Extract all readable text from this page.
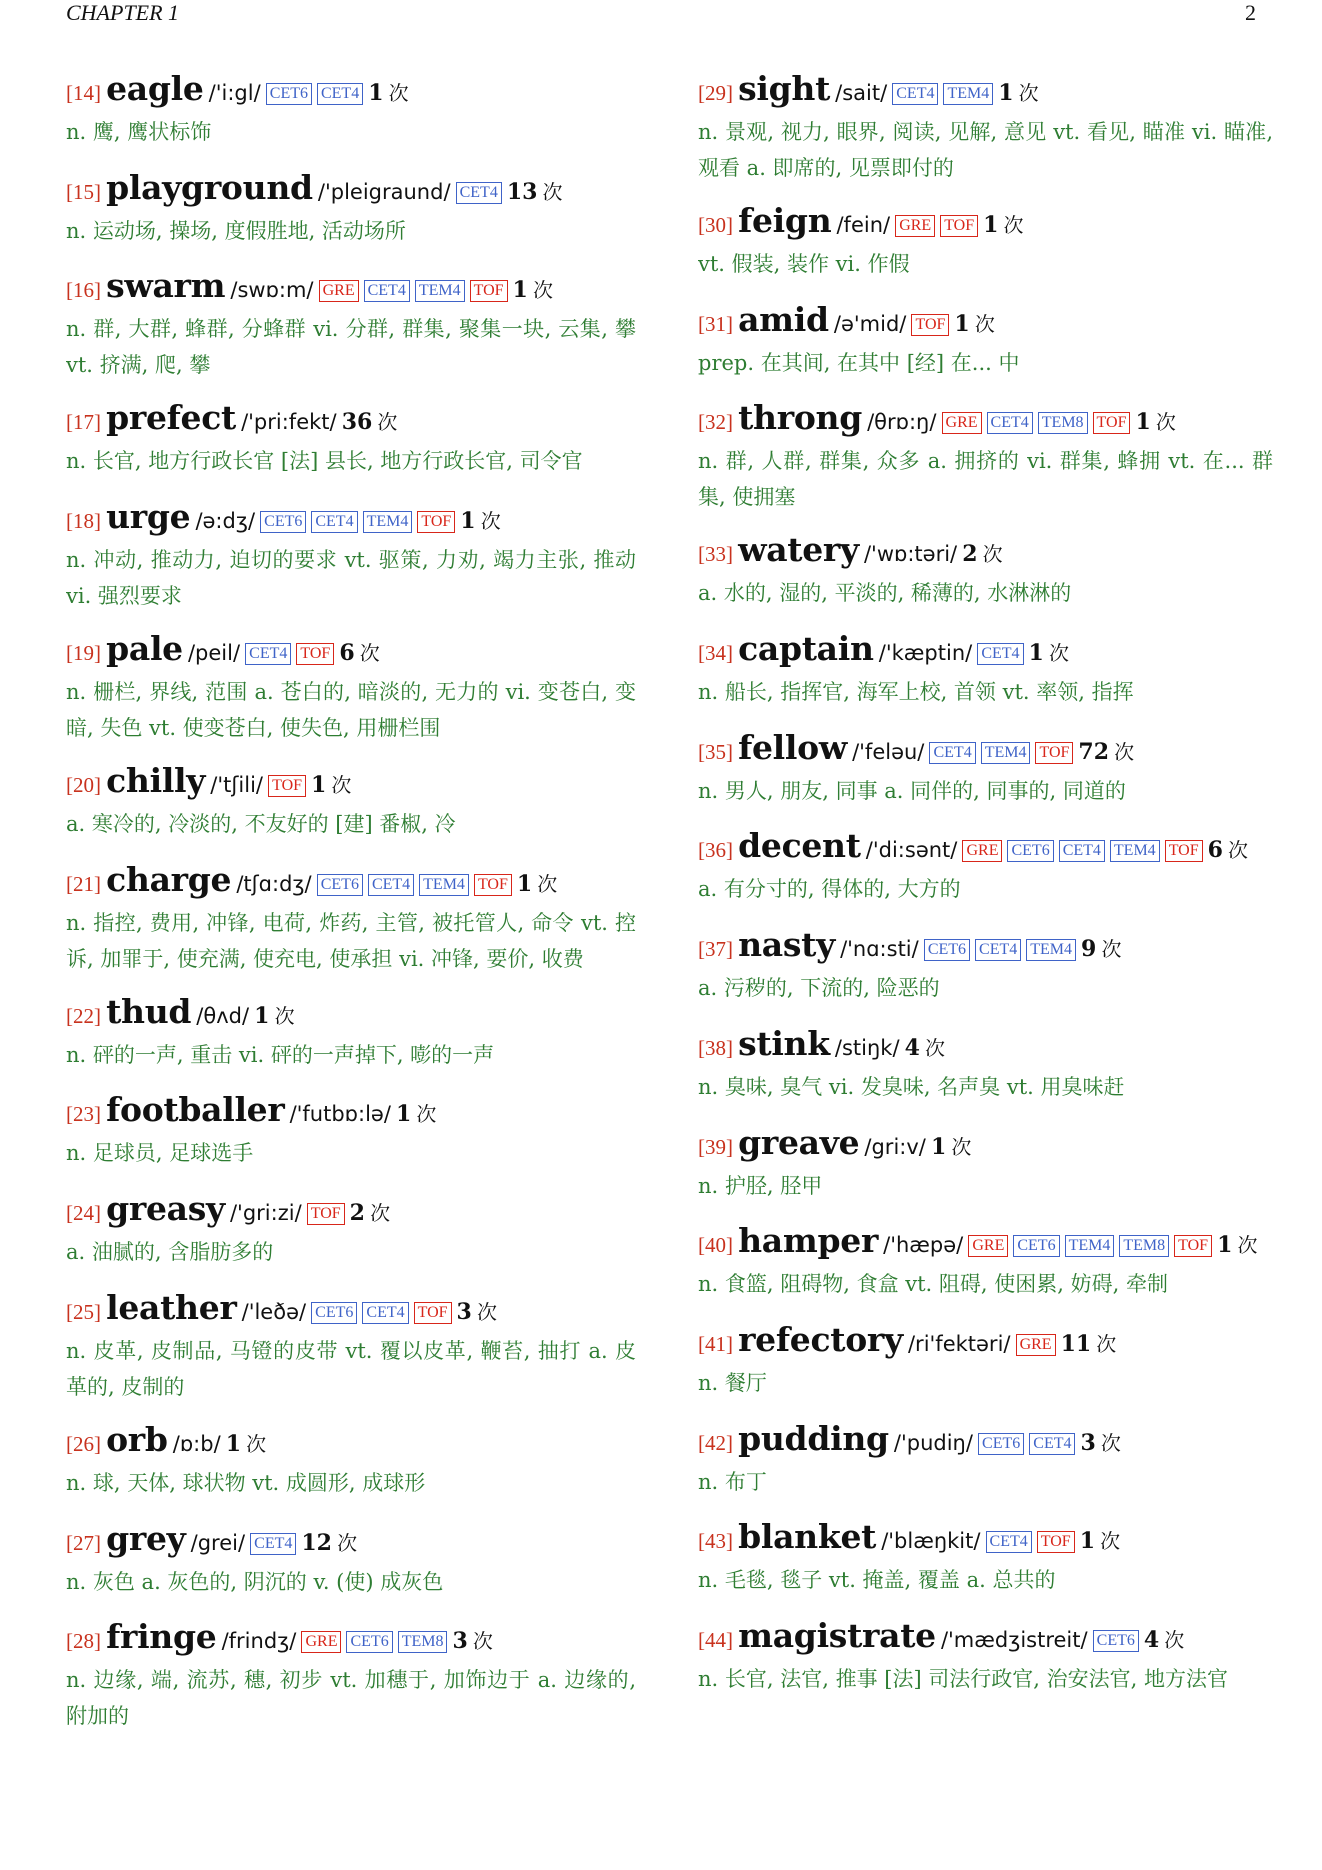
CHAPTER 1	2
[14] eagle /'i:gl/ CET6 CET4 1 次
n. 鹰, 鹰状标饰
[15] playground /'pleigraund/ CET4 13 次
n. 运动场, 操场, 度假胜地, 活动场所
[16] swarm /swɒ:m/ GRE CET4 TEM4 TOF 1 次
n. 群, 大群, 蜂群, 分蜂群 vi. 分群, 群集, 聚集一块, 云集, 攀 vt. 挤满, 爬, 攀
[17] prefect /'pri:fekt/ 36 次
n. 长官, 地方行政长官 [法] 县长, 地方行政长官, 司令官
[18] urge /ə:dʒ/ CET6 CET4 TEM4 TOF 1 次
n. 冲动, 推动力, 迫切的要求 vt. 驱策, 力劝, 竭力主张, 推动 vi. 强烈要求
[19] pale /peil/ CET4 TOF 6 次
n. 栅栏, 界线, 范围 a. 苍白的, 暗淡的, 无力的 vi. 变苍白, 变暗, 失色 vt. 使变苍白, 使失色, 用栅栏围
[20] chilly /'tʃili/ TOF 1 次
a. 寒冷的, 冷淡的, 不友好的 [建] 番椒, 冷
[21] charge /tʃɑ:dʒ/ CET6 CET4 TEM4 TOF 1 次
n. 指控, 费用, 冲锋, 电荷, 炸药, 主管, 被托管人, 命令 vt. 控诉, 加罪于, 使充满, 使充电, 使承担 vi. 冲锋, 要价, 收费
[22] thud /θʌd/ 1 次
n. 砰的一声, 重击 vi. 砰的一声掉下, 嘭的一声
[23] footballer /'futbɒ:lə/ 1 次
n. 足球员, 足球选手
[24] greasy /'gri:zi/ TOF 2 次
a. 油腻的, 含脂肪多的
[25] leather /'leðə/ CET6 CET4 TOF 3 次
n. 皮革, 皮制品, 马镫的皮带 vt. 覆以皮革, 鞭苔, 抽打 a. 皮革的, 皮制的
[26] orb /ɒ:b/ 1 次
n. 球, 天体, 球状物 vt. 成圆形, 成球形
[27] grey /grei/ CET4 12 次
n. 灰色 a. 灰色的, 阴沉的 v. (使) 成灰色
[28] fringe /frindʒ/ GRE CET6 TEM8 3 次
n. 边缘, 端, 流苏, 穗, 初步 vt. 加穗于, 加饰边于 a. 边缘的, 附加的
[29] sight /sait/ CET4 TEM4 1 次
n. 景观, 视力, 眼界, 阅读, 见解, 意见 vt. 看见, 瞄准 vi. 瞄准, 观看 a. 即席的, 见票即付的
[30] feign /fein/ GRE TOF 1 次
vt. 假装, 装作 vi. 作假
[31] amid /ə'mid/ TOF 1 次
prep. 在其间, 在其中 [经] 在... 中
[32] throng /θrɒ:ŋ/ GRE CET4 TEM8 TOF 1 次
n. 群, 人群, 群集, 众多 a. 拥挤的 vi. 群集, 蜂拥 vt. 在... 群集, 使拥塞
[33] watery /'wɒ:təri/ 2 次
a. 水的, 湿的, 平淡的, 稀薄的, 水淋淋的
[34] captain /'kæptin/ CET4 1 次
n. 船长, 指挥官, 海军上校, 首领 vt. 率领, 指挥
[35] fellow /'feləu/ CET4 TEM4 TOF 72 次
n. 男人, 朋友, 同事 a. 同伴的, 同事的, 同道的
[36] decent /'di:sənt/ GRE CET6 CET4 TEM4 TOF 6 次
a. 有分寸的, 得体的, 大方的
[37] nasty /'nɑ:sti/ CET6 CET4 TEM4 9 次
a. 污秽的, 下流的, 险恶的
[38] stink /stiŋk/ 4 次
n. 臭味, 臭气 vi. 发臭味, 名声臭 vt. 用臭味赶
[39] greave /gri:v/ 1 次
n. 护胫, 胫甲
[40] hamper /'hæpə/ GRE CET6 TEM4 TEM8 TOF 1 次
n. 食篮, 阻碍物, 食盒 vt. 阻碍, 使困累, 妨碍, 牵制
[41] refectory /ri'fektəri/ GRE 11 次
n. 餐厅
[42] pudding /'pudiŋ/ CET6 CET4 3 次
n. 布丁
[43] blanket /'blæŋkit/ CET4 TOF 1 次
n. 毛毯, 毯子 vt. 掩盖, 覆盖 a. 总共的
[44] magistrate /'mædʒistreit/ CET6 4 次
n. 长官, 法官, 推事 [法] 司法行政官, 治安法官, 地方法官
